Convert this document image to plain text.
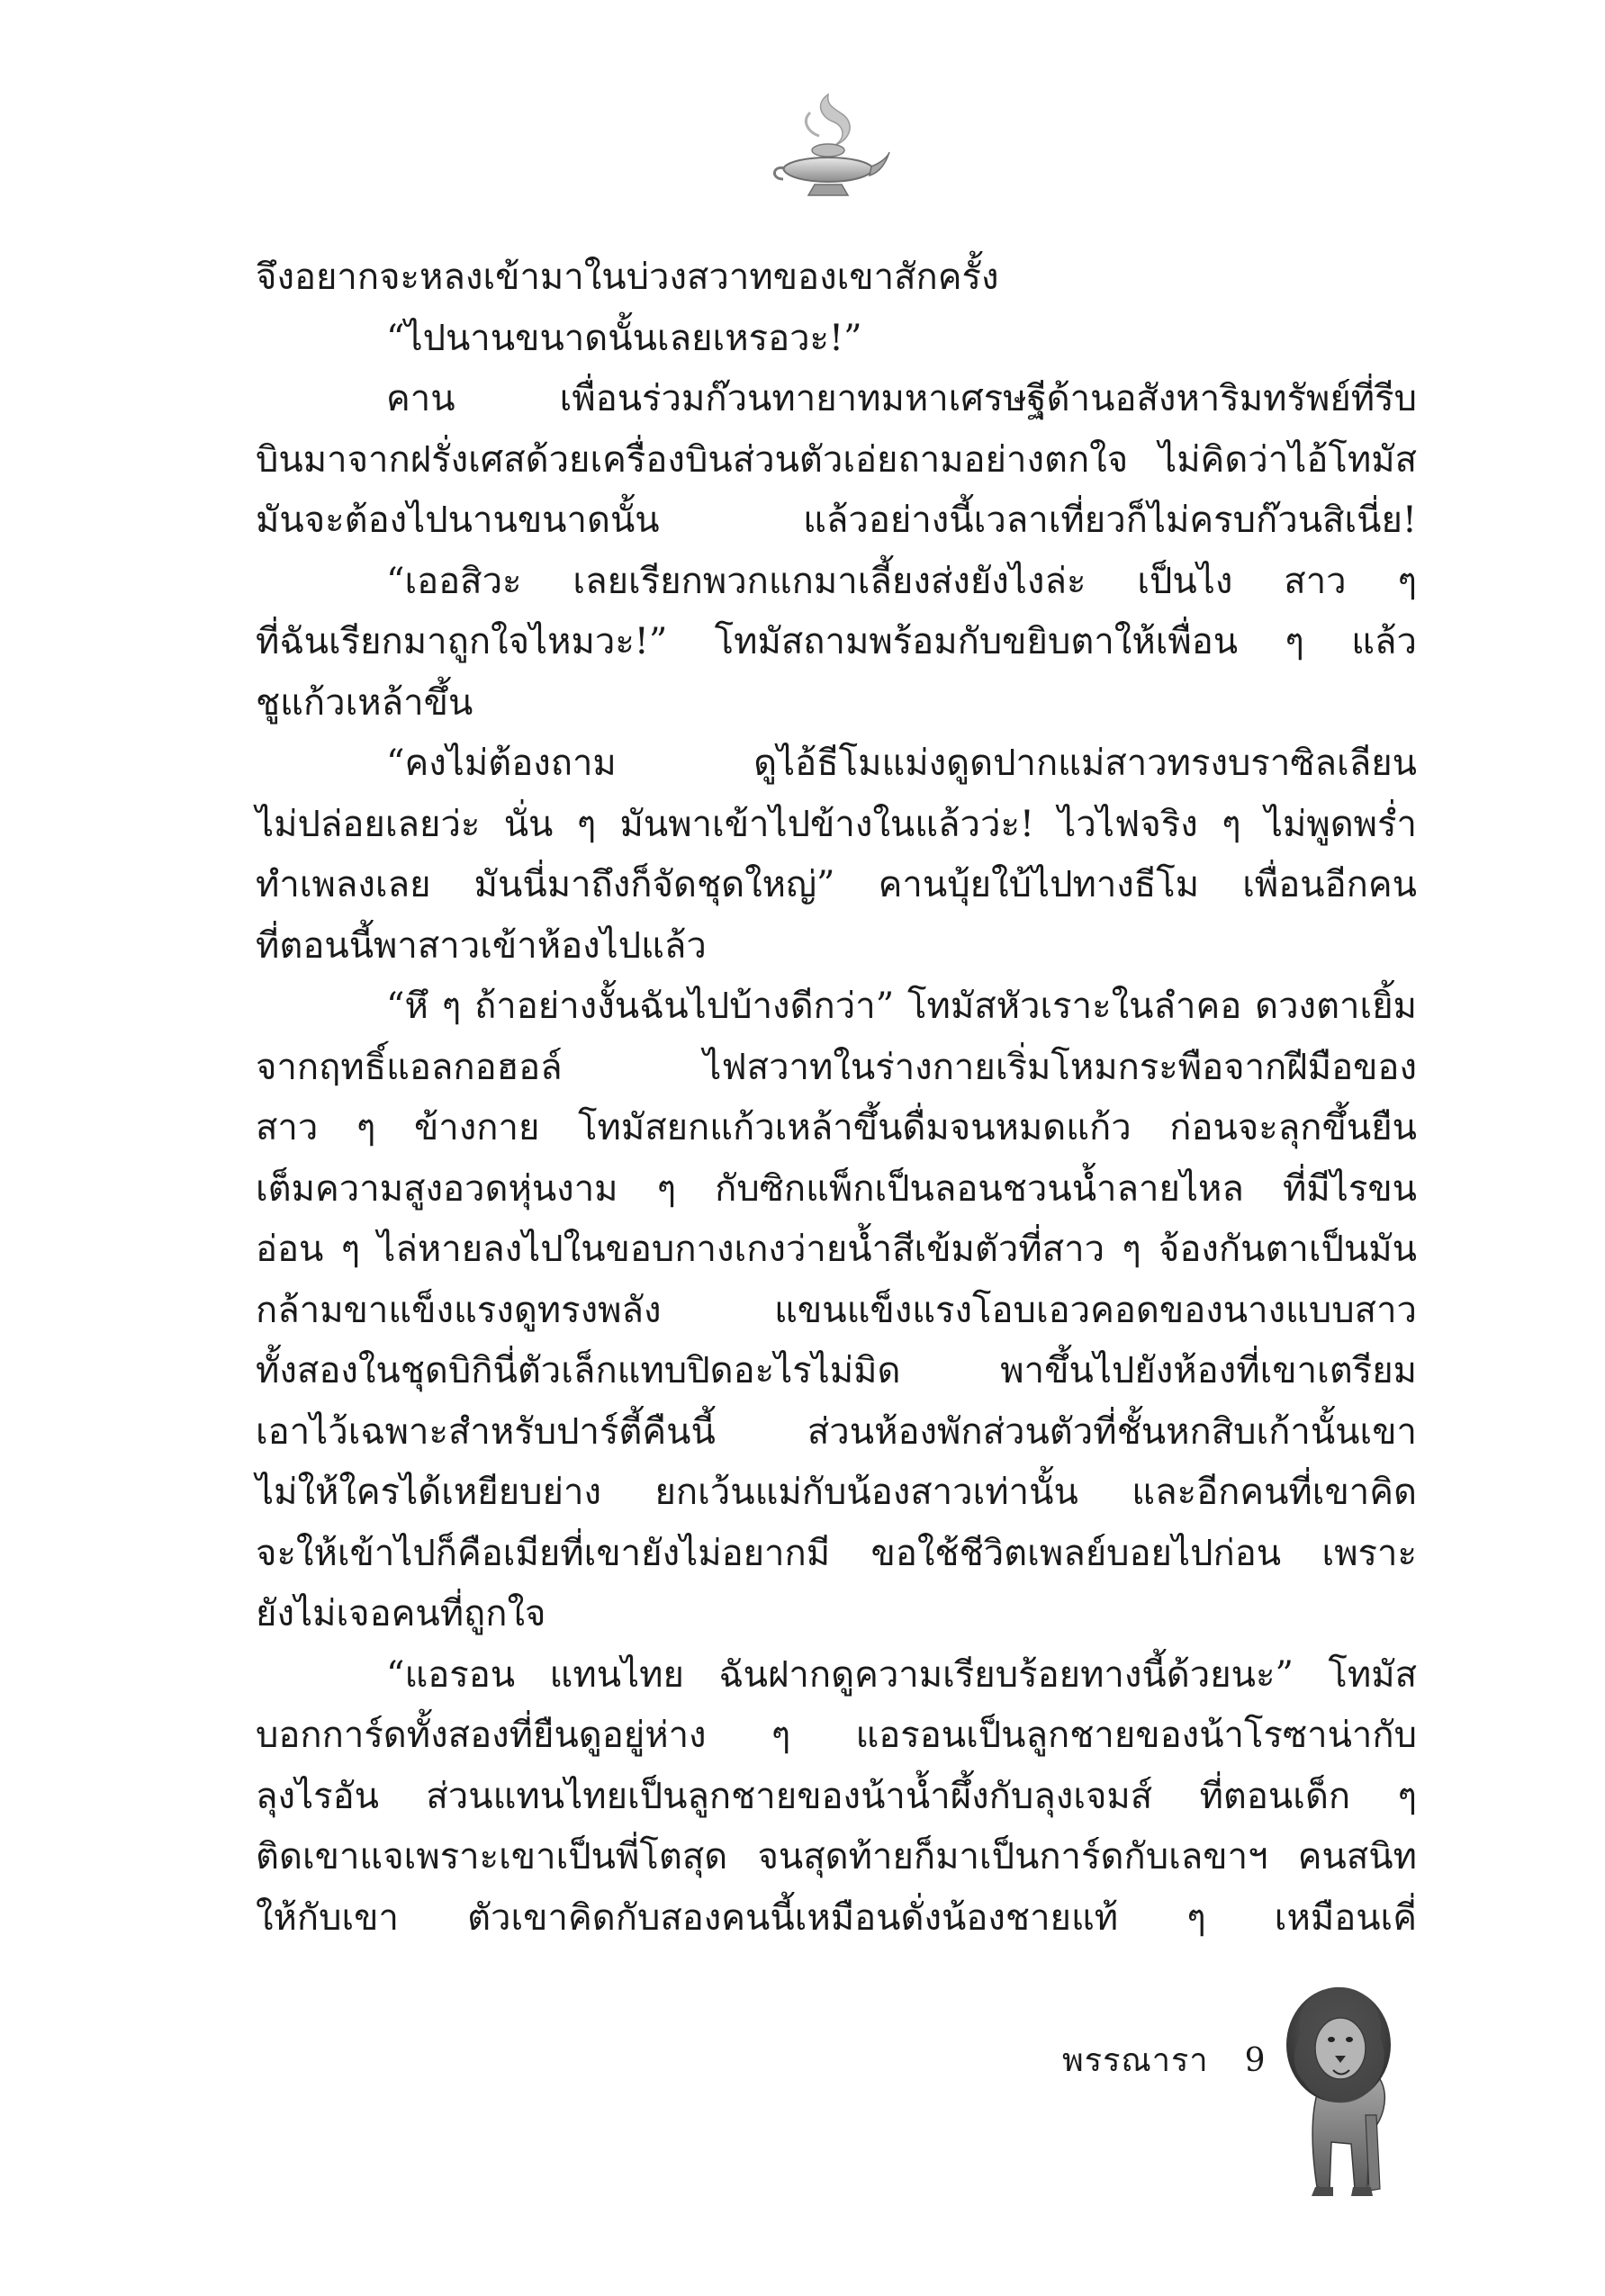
จึงอยากจะหลงเข้ามาในบ่วงสวาทของเขาสักครั้ง
“ไปนานขนาดนั้นเลยเหรอวะ!”
คาน เพื่อนร่วมก๊วนทายาทมหาเศรษฐีด้านอสังหาริมทรัพย์ที่รีบ
บินมาจากฝรั่งเศสด้วยเครื่องบินส่วนตัวเอ่ยถามอย่างตกใจ ไม่คิดว่าไอ้โทมัส
มันจะต้องไปนานขนาดนั้น แล้วอย่างนี้เวลาเที่ยวก็ไม่ครบก๊วนสิเนี่ย!
“เออสิวะ เลยเรียกพวกแกมาเลี้ยงส่งยังไงล่ะ เป็นไง สาว ๆ
ที่ฉันเรียกมาถูกใจไหมวะ!” โทมัสถามพร้อมกับขยิบตาให้เพื่อน ๆ แล้ว
ชูแก้วเหล้าขึ้น
“คงไม่ต้องถาม ดูไอ้ธีโมแม่งดูดปากแม่สาวทรงบราซิลเลียน
ไม่ปล่อยเลยว่ะ นั่น ๆ มันพาเข้าไปข้างในแล้วว่ะ! ไวไฟจริง ๆ ไม่พูดพร่ำ
ทำเพลงเลย มันนี่มาถึงก็จัดชุดใหญ่” คานบุ้ยใบ้ไปทางธีโม เพื่อนอีกคน
ที่ตอนนี้พาสาวเข้าห้องไปแล้ว
“หึ ๆ ถ้าอย่างงั้นฉันไปบ้างดีกว่า” โทมัสหัวเราะในลำคอ ดวงตาเยิ้ม
จากฤทธิ์แอลกอฮอล์ ไฟสวาทในร่างกายเริ่มโหมกระพือจากฝีมือของ
สาว ๆ ข้างกาย โทมัสยกแก้วเหล้าขึ้นดื่มจนหมดแก้ว ก่อนจะลุกขึ้นยืน
เต็มความสูงอวดหุ่นงาม ๆ กับซิกแพ็กเป็นลอนชวนน้ำลายไหล ที่มีไรขน
อ่อน ๆ ไล่หายลงไปในขอบกางเกงว่ายน้ำสีเข้มตัวที่สาว ๆ จ้องกันตาเป็นมัน
กล้ามขาแข็งแรงดูทรงพลัง แขนแข็งแรงโอบเอวคอดของนางแบบสาว
ทั้งสองในชุดบิกินี่ตัวเล็กแทบปิดอะไรไม่มิด พาขึ้นไปยังห้องที่เขาเตรียม
เอาไว้เฉพาะสำหรับปาร์ตี้คืนนี้ ส่วนห้องพักส่วนตัวที่ชั้นหกสิบเก้านั้นเขา
ไม่ให้ใครได้เหยียบย่าง ยกเว้นแม่กับน้องสาวเท่านั้น และอีกคนที่เขาคิด
จะให้เข้าไปก็คือเมียที่เขายังไม่อยากมี ขอใช้ชีวิตเพลย์บอยไปก่อน เพราะ
ยังไม่เจอคนที่ถูกใจ
“แอรอน แทนไทย ฉันฝากดูความเรียบร้อยทางนี้ด้วยนะ” โทมัส
บอกการ์ดทั้งสองที่ยืนดูอยู่ห่าง ๆ แอรอนเป็นลูกชายของน้าโรซาน่ากับ
ลุงไรอัน ส่วนแทนไทยเป็นลูกชายของน้าน้ำผึ้งกับลุงเจมส์ ที่ตอนเด็ก ๆ
ติดเขาแจเพราะเขาเป็นพี่โตสุด จนสุดท้ายก็มาเป็นการ์ดกับเลขาฯ คนสนิท
ให้กับเขา ตัวเขาคิดกับสองคนนี้เหมือนดั่งน้องชายแท้ ๆ เหมือนเคี่
พรรณารา 9
